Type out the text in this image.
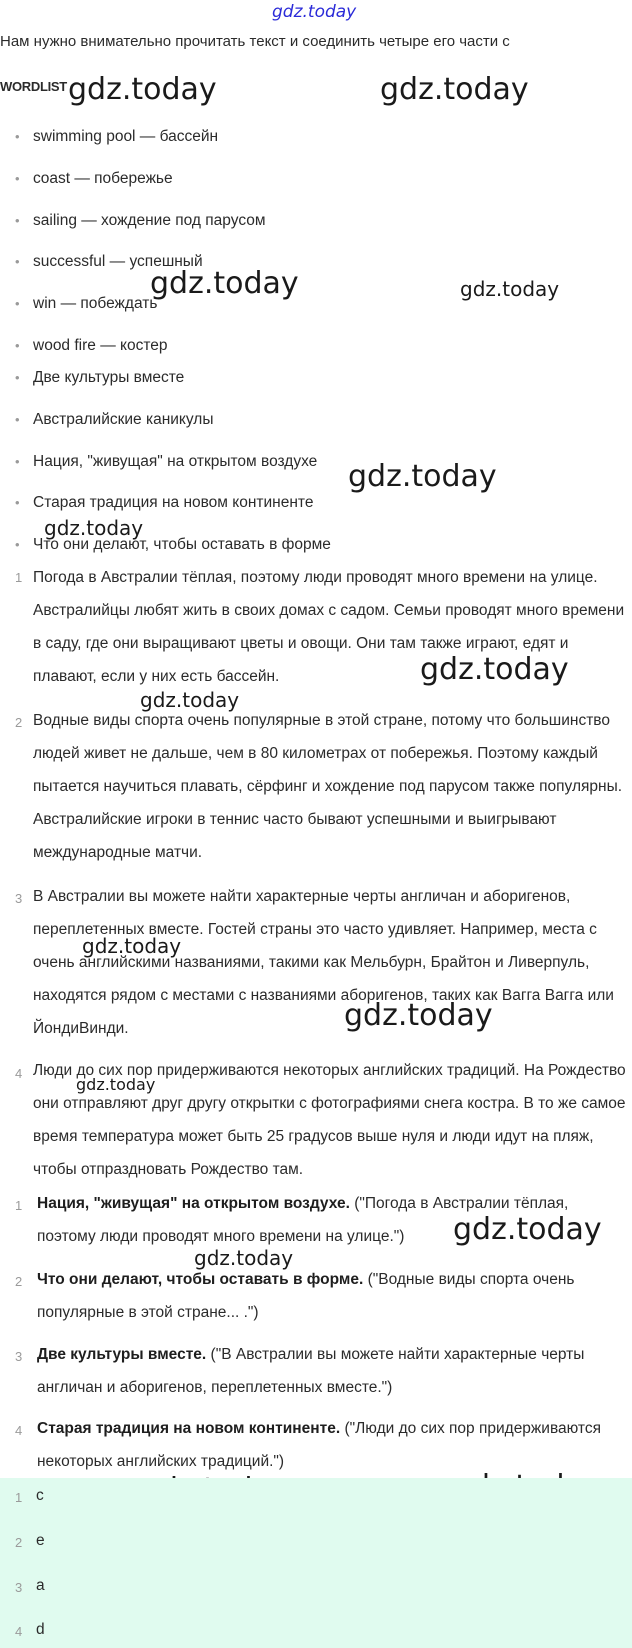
gdz.today
gdz.today	gdz.today
gdz.today	gdz.today
gdz.today
gdz.today
gdz.today
gdz.today
gdz.today
gdz.today
gdz.today
gdz.today
gdz.today
Нам нужно внимательно прочитать текст и соединить четыре его части с
WORDLIST
• swimming pool — бассейн
• coast — побережье
• sailing — хождение под парусом
• successful — успешный
• win — побеждать
• wood fire — костер
• Две культуры вместе
• Австралийские каникулы
• Нация, "живущая" на открытом воздухе
• Старая традиция на новом континенте
• Что они делают, чтобы оставать в форме
1 Погода в Австралии тёплая, поэтому люди проводят много времени на улице. Австралийцы любят жить в своих домах с садом. Семьи проводят много времени в саду, где они выращивают цветы и овощи. Они там также играют, едят и плавают, если у них есть бассейн.
2 Водные виды спорта очень популярные в этой стране, потому что большинство людей живет не дальше, чем в 80 километрах от побережья. Поэтому каждый пытается научиться плавать, сёрфинг и хождение под парусом также популярны. Австралийские игроки в теннис часто бывают успешными и выигрывают международные матчи.
3 В Австралии вы можете найти характерные черты англичан и аборигенов, переплетенных вместе. Гостей страны это часто удивляет. Например, места с очень английскими названиями, такими как Мельбурн, Брайтон и Ливерпуль, находятся рядом с местами с названиями аборигенов, таких как Вагга Вагга или ЙондиВинди.
4 Люди до сих пор придерживаются некоторых английских традиций. На Рождество они отправляют друг другу открытки с фотографиями снега костра. В то же самое время температура может быть 25 градусов выше нуля и люди идут на пляж, чтобы отпраздновать Рождество там.
1 Нация, "живущая" на открытом воздухе. ("Погода в Австралии тёплая, поэтому люди проводят много времени на улице.")
2 Что они делают, чтобы оставать в форме. ("Водные виды спорта очень популярные в этой стране... .")
3 Две культуры вместе. ("В Австралии вы можете найти характерные черты англичан и аборигенов, переплетенных вместе.")
4 Старая традиция на новом континенте. ("Люди до сих пор придерживаются некоторых английских традиций.")
1 c
2 e
3 a
4 d
